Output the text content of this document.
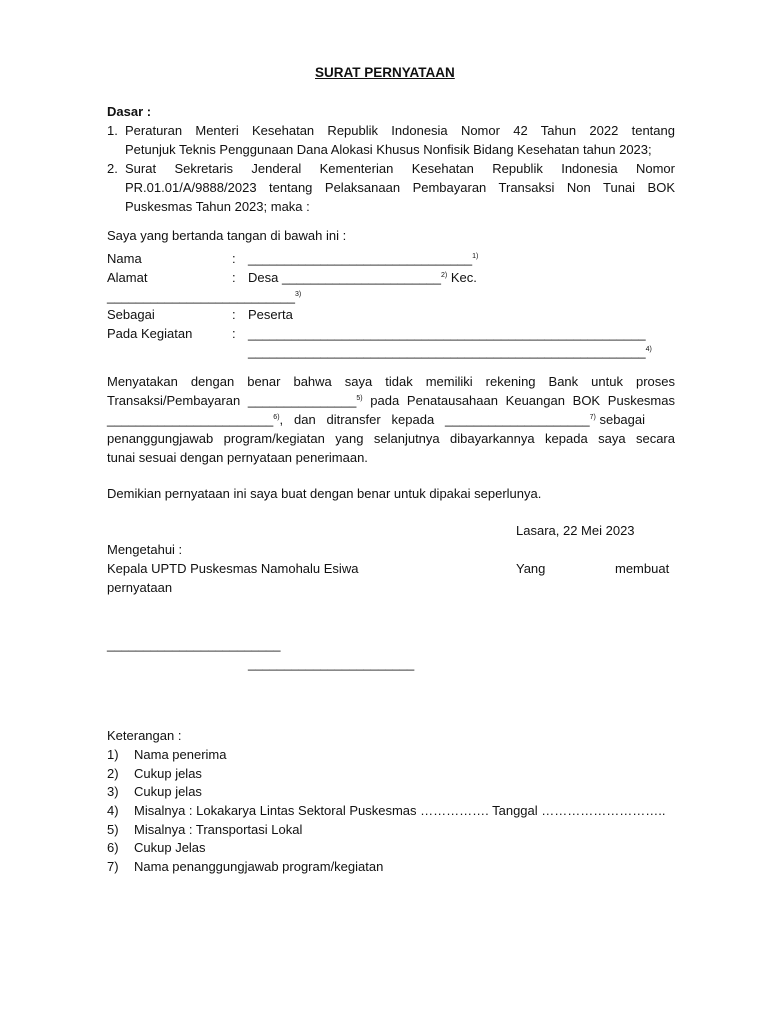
SURAT PERNYATAAN
Dasar :
1. Peraturan Menteri Kesehatan Republik Indonesia Nomor 42 Tahun 2022 tentang
Petunjuk Teknis Penggunaan Dana Alokasi Khusus Nonfisik Bidang Kesehatan tahun 2023;
2. Surat Sekretaris Jenderal Kementerian Kesehatan Republik Indonesia Nomor
PR.01.01/A/9888/2023 tentang Pelaksanaan Pembayaran Transaksi Non Tunai BOK
Puskesmas Tahun 2023; maka :
Saya yang bertanda tangan di bawah ini :
Nama	: _______________________________$^{1)}$
Alamat	: Desa ______________________$^{2)}$ Kec.
__________________________$^{3)}$
Sebagai	: Peserta
Pada Kegiatan	: _______________________________________________________
_______________________________________________________$^{4)}$
Menyatakan dengan benar bahwa saya tidak memiliki rekening Bank untuk proses
Transaksi/Pembayaran _______________$^{5)}$ pada Penatausahaan Keuangan BOK Puskesmas
_______________________$^{6)}$,   dan   ditransfer   kepada   ____________________$^{7)}$ sebagai
penanggungjawab program/kegiatan yang selanjutnya dibayarkannya kepada saya secara
tunai sesuai dengan pernyataan penerimaan.
Demikian pernyataan ini saya buat dengan benar untuk dipakai seperlunya.
Lasara, 22 Mei 2023
Mengetahui :
Kepala UPTD Puskesmas Namohalu Esiwa	Yang	membuat
pernyataan
________________________
_______________________
Keterangan :
1) Nama penerima
2) Cukup jelas
3) Cukup jelas
4) Misalnya : Lokakarya Lintas Sektoral Puskesmas ……………. Tanggal ………………………..
5) Misalnya : Transportasi Lokal
6) Cukup Jelas
7) Nama penanggungjawab program/kegiatan
